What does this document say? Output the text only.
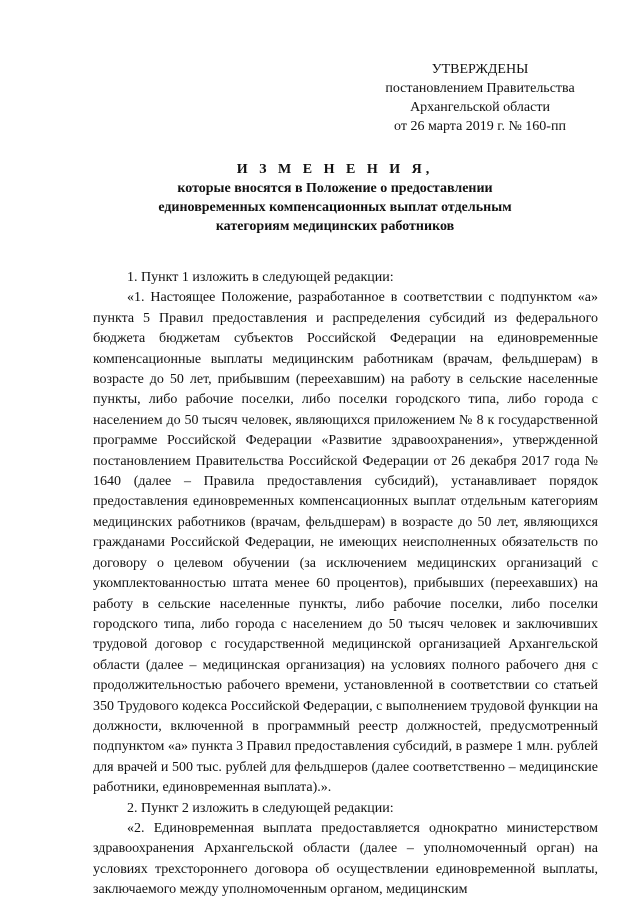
УТВЕРЖДЕНЫ
постановлением Правительства
Архангельской области
от 26 марта 2019 г. № 160-пп
И З М Е Н Е Н И Я,
которые вносятся в Положение о предоставлении
единовременных компенсационных выплат отдельным
категориям медицинских работников

1. Пункт 1 изложить в следующей редакции:

«1. Настоящее Положение, разработанное в соответствии с подпунктом «а» пункта 5 Правил предоставления и распределения субсидий из федерального бюджета бюджетам субъектов Российской Федерации на единовременные компенсационные выплаты медицинским работникам (врачам, фельдшерам) в возрасте до 50 лет, прибывшим (переехавшим) на работу в сельские населенные пункты, либо рабочие поселки, либо поселки городского типа, либо города с населением до 50 тысяч человек, являющихся приложением № 8 к государственной программе Российской Федерации «Развитие здравоохранения», утвержденной постановлением Правительства Российской Федерации от 26 декабря 2017 года № 1640 (далее – Правила предоставления субсидий), устанавливает порядок предоставления единовременных компенсационных выплат отдельным категориям медицинских работников (врачам, фельдшерам) в возрасте до 50 лет, являющихся гражданами Российской Федерации, не имеющих неисполненных обязательств по договору о целевом обучении (за исключением медицинских организаций с укомплектованностью штата менее 60 процентов), прибывших (переехавших) на работу в сельские населенные пункты, либо рабочие поселки, либо поселки городского типа, либо города с населением до 50 тысяч человек и заключивших трудовой договор с государственной медицинской организацией Архангельской области (далее – медицинская организация) на условиях полного рабочего дня с продолжительностью рабочего времени, установленной в соответствии со статьей 350 Трудового кодекса Российской Федерации, с выполнением трудовой функции на должности, включенной в программный реестр должностей, предусмотренный подпунктом «а» пункта 3 Правил предоставления субсидий, в размере 1 млн. рублей для врачей и 500 тыс. рублей для фельдшеров (далее соответственно – медицинские работники, единовременная выплата).».

2. Пункт 2 изложить в следующей редакции:

«2. Единовременная выплата предоставляется однократно министерством здравоохранения Архангельской области (далее – уполномоченный орган) на условиях трехстороннего договора об осуществлении единовременной выплаты, заключаемого между уполномоченным органом, медицинским
